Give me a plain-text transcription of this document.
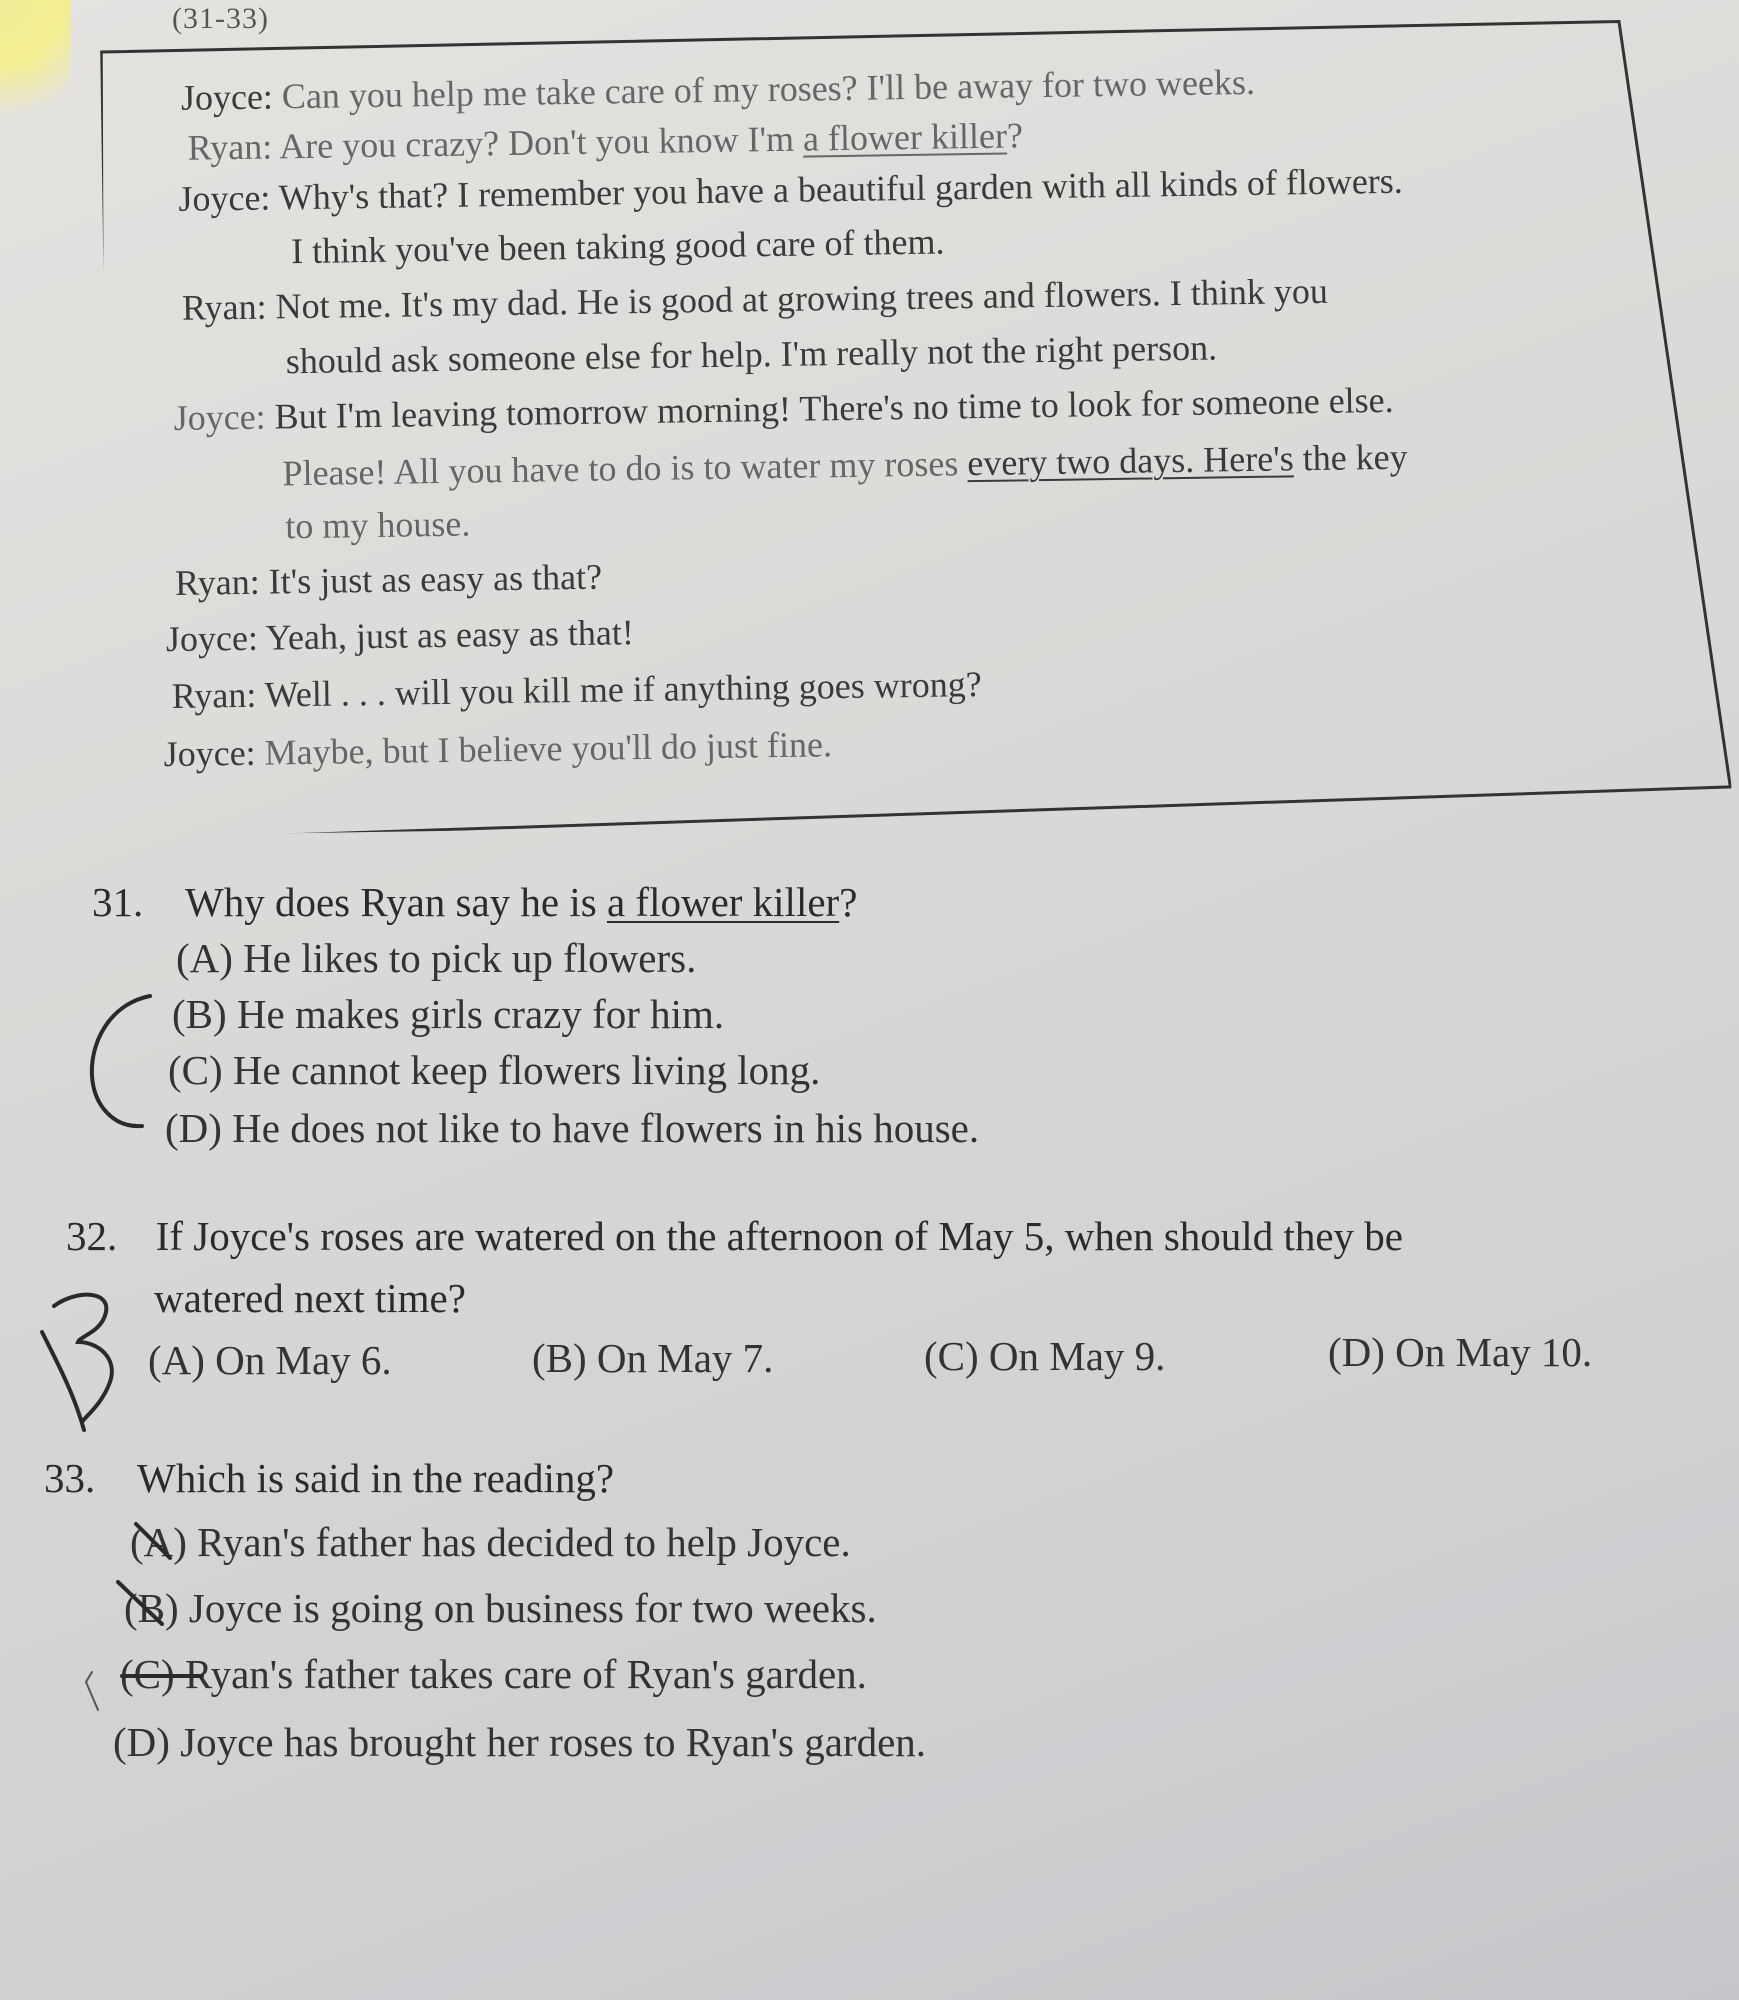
(31-33)
Joyce: Can you help me take care of my roses? I'll be away for two weeks.
Ryan: Are you crazy? Don't you know I'm a flower killer?
Joyce: Why's that? I remember you have a beautiful garden with all kinds of flowers.
I think you've been taking good care of them.
Ryan: Not me. It's my dad. He is good at growing trees and flowers. I think you
should ask someone else for help. I'm really not the right person.
Joyce: But I'm leaving tomorrow morning! There's no time to look for someone else.
Please! All you have to do is to water my roses every two days. Here's the key
to my house.
Ryan: It's just as easy as that?
Joyce: Yeah, just as easy as that!
Ryan: Well . . . will you kill me if anything goes wrong?
Joyce: Maybe, but I believe you'll do just fine.
31. Why does Ryan say he is a flower killer?
(A) He likes to pick up flowers.
(B) He makes girls crazy for him.
(C) He cannot keep flowers living long.
(D) He does not like to have flowers in his house.
32. If Joyce's roses are watered on the afternoon of May 5, when should they be
watered next time?
(A) On May 6.	(B) On May 7.	(C) On May 9.	(D) On May 10.
33. Which is said in the reading?
(A) Ryan's father has decided to help Joyce.
(B) Joyce is going on business for two weeks.
(C) Ryan's father takes care of Ryan's garden.
(D) Joyce has brought her roses to Ryan's garden.
